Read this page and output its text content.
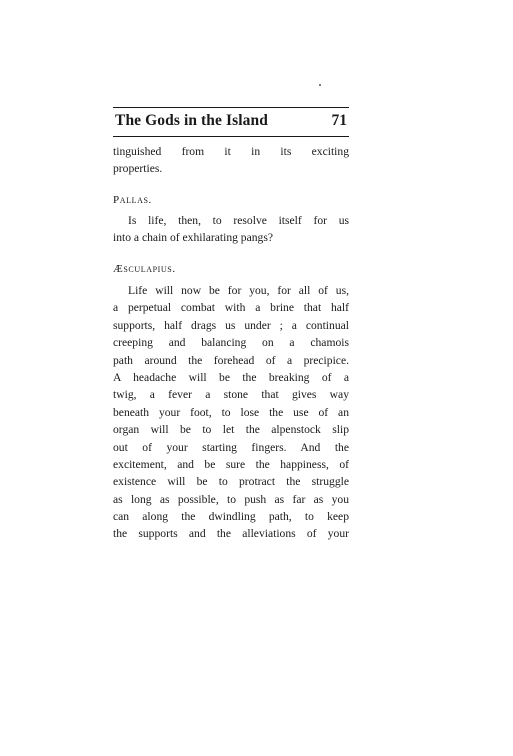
The Gods in the Island	71
tinguished from it in its exciting
properties.
Pallas.
Is life, then, to resolve itself for us
into a chain of exhilarating pangs?
Æsculapius.
Life will now be for you, for all of us,
a perpetual combat with a brine that half
supports, half drags us under ; a continual
creeping and balancing on a chamois
path around the forehead of a precipice.
A headache will be the breaking of a
twig, a fever a stone that gives way
beneath your foot, to lose the use of an
organ will be to let the alpenstock slip
out of your starting fingers. And the
excitement, and be sure the happiness, of
existence will be to protract the struggle
as long as possible, to push as far as you
can along the dwindling path, to keep
the supports and the alleviations of your
